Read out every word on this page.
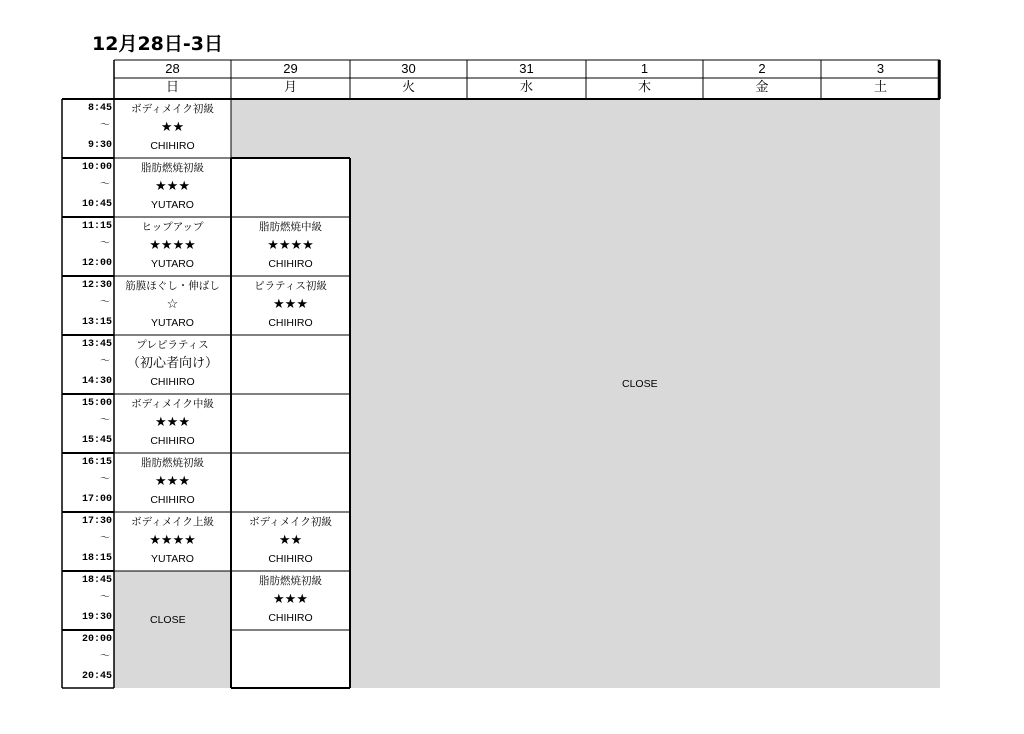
12月28日-3日
28
日
29
月
30
火
31
水
1
木
2
金
3
土
CLOSE
CLOSE
8:45
～
9:30
10:00
～
10:45
11:15
～
12:00
12:30
～
13:15
13:45
～
14:30
15:00
～
15:45
16:15
～
17:00
17:30
～
18:15
18:45
～
19:30
20:00
～
20:45
ボディメイク初級
★★
CHIHIRO
脂肪燃焼初級
★★★
YUTARO
ヒップアップ
★★★★
YUTARO
筋膜ほぐし・伸ばし
☆
YUTARO
プレピラティス
（初心者向け）
CHIHIRO
ボディメイク中級
★★★
CHIHIRO
脂肪燃焼初級
★★★
CHIHIRO
ボディメイク上級
★★★★
YUTARO
脂肪燃焼中級
★★★★
CHIHIRO
ピラティス初級
★★★
CHIHIRO
ボディメイク初級
★★
CHIHIRO
脂肪燃焼初級
★★★
CHIHIRO
